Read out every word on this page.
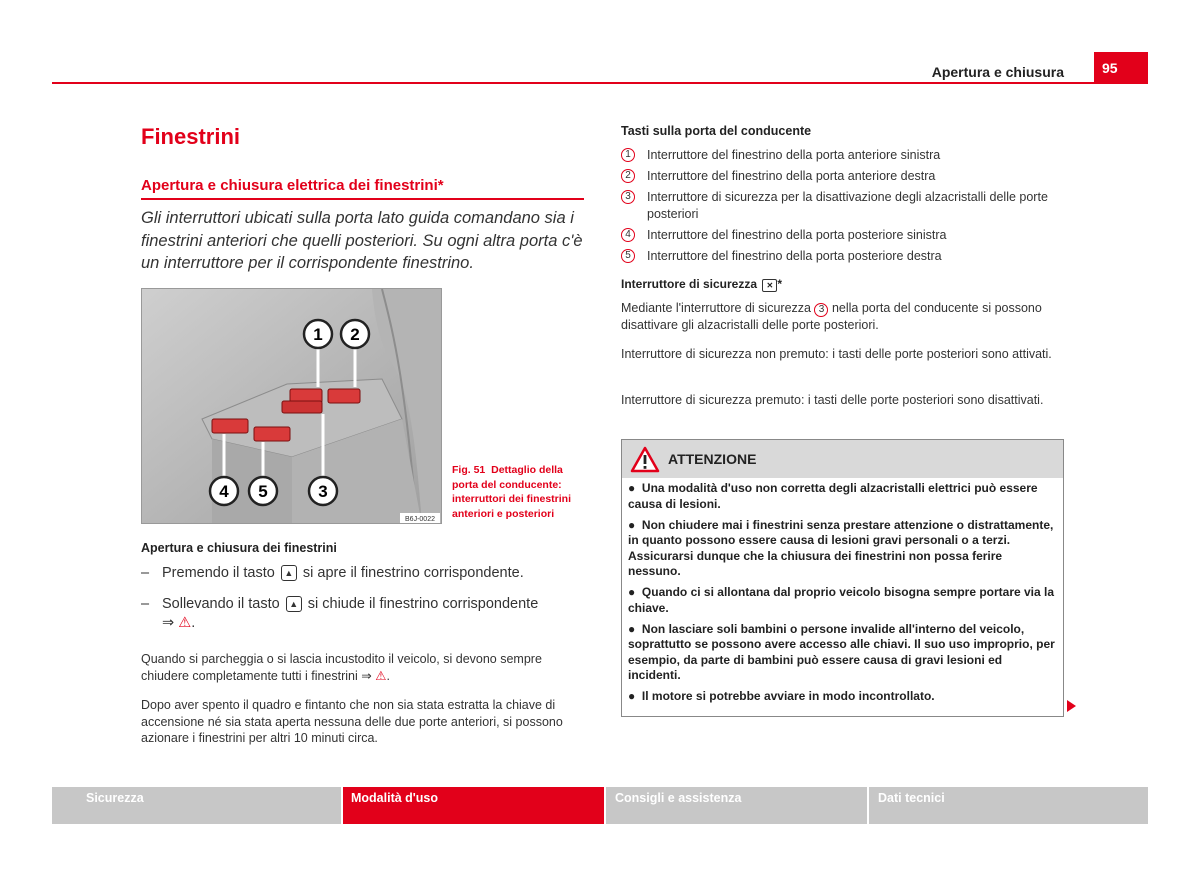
Apertura e chiusura	95
Finestrini
Apertura e chiusura elettrica dei finestrini*
Gli interruttori ubicati sulla porta lato guida comandano sia i finestrini anteriori che quelli posteriori. Su ogni altra porta c'è un interruttore per il corrispondente finestrino.
1 2
3
4 5
B6J-0022
Fig. 51 Dettaglio della porta del conducente: interruttori dei finestrini anteriori e posteriori
Apertura e chiusura dei finestrini
– Premendo il tasto ▲ si apre il finestrino corrispondente.
– Sollevando il tasto ▲ si chiude il finestrino corrispondente
⇒ ⚠.
Quando si parcheggia o si lascia incustodito il veicolo, si devono sempre chiudere completamente tutti i finestrini ⇒ ⚠.
Dopo aver spento il quadro e fintanto che non sia stata estratta la chiave di accensione né sia stata aperta nessuna delle due porte anteriori, si possono azionare i finestrini per altri 10 minuti circa.
Tasti sulla porta del conducente
1	Interruttore del finestrino della porta anteriore sinistra
2	Interruttore del finestrino della porta anteriore destra
3	Interruttore di sicurezza per la disattivazione degli alzacristalli delle porte posteriori
4	Interruttore del finestrino della porta posteriore sinistra
5	Interruttore del finestrino della porta posteriore destra
Interruttore di sicurezza ✕ *
Mediante l'interruttore di sicurezza 3 nella porta del conducente si possono disattivare gli alzacristalli delle porte posteriori.
Interruttore di sicurezza non premuto: i tasti delle porte posteriori sono attivati.
Interruttore di sicurezza premuto: i tasti delle porte posteriori sono disattivati.
ATTENZIONE

● Una modalità d'uso non corretta degli alzacristalli elettrici può essere causa di lesioni.

● Non chiudere mai i finestrini senza prestare attenzione o distrattamente, in quanto possono essere causa di lesioni gravi personali o a terzi. Assicurarsi dunque che la chiusura dei finestrini non possa ferire nessuno.

● Quando ci si allontana dal proprio veicolo bisogna sempre portare via la chiave.

● Non lasciare soli bambini o persone invalide all'interno del veicolo, soprattutto se possono avere accesso alle chiavi. Il suo uso improprio, per esempio, da parte di bambini può essere causa di gravi lesioni ed incidenti.

● Il motore si potrebbe avviare in modo incontrollato.

Sicurezza	Modalità d'uso	Consigli e assistenza	Dati tecnici
